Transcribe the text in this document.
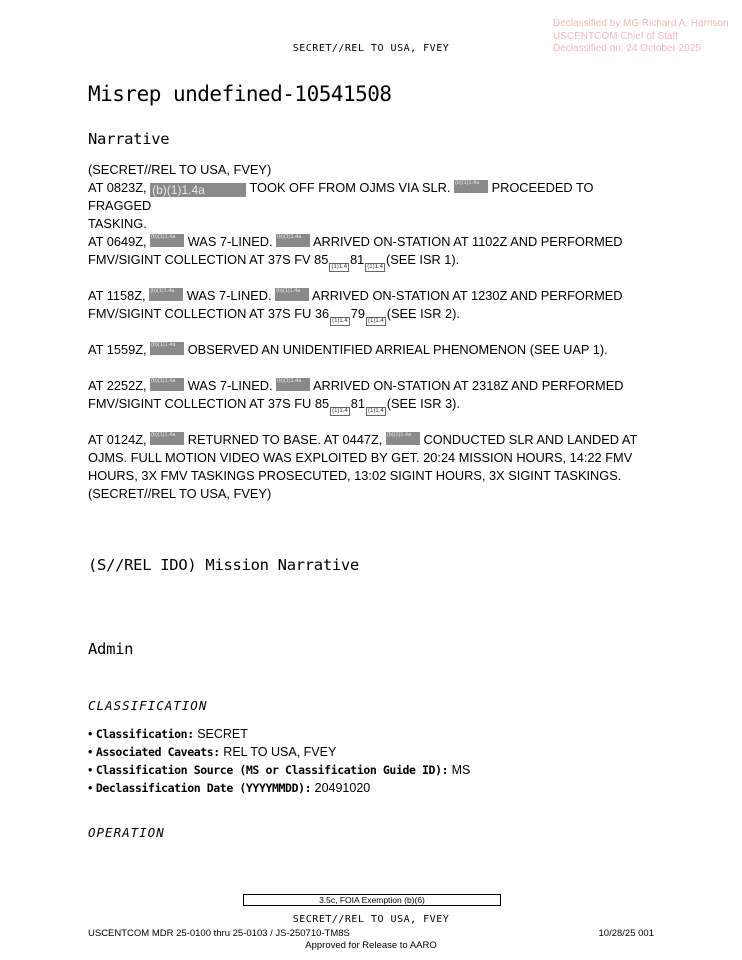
Declassified by MG Richard A. Harrison
USCENTCOM Chief of Staff
Declassified on: 24 October 2025
SECRET//REL TO USA, FVEY
Misrep undefined-10541508
Narrative
(SECRET//REL TO USA, FVEY)
AT 0823Z, (b)(1)1.4a	TOOK OFF FROM OJMS VIA SLR. (b)(1)1.4a PROCEEDED TO FRAGGED
TASKING.
AT 0649Z, (b)(1)1.4a WAS 7-LINED. (b)(1)1.4a ARRIVED ON-STATION AT 1102Z AND PERFORMED
FMV/SIGINT COLLECTION AT 37S FV 85 (1)1.4 81 (1)1.4 (SEE ISR 1).
AT 1158Z, (b)(1)1.4a WAS 7-LINED. (b)(1)1.4a ARRIVED ON-STATION AT 1230Z AND PERFORMED
FMV/SIGINT COLLECTION AT 37S FU 36 (1)1.4 79 (1)1.4 (SEE ISR 2).
AT 1559Z, (b)(1)1.4a OBSERVED AN UNIDENTIFIED ARRIEAL PHENOMENON (SEE UAP 1).
AT 2252Z, (b)(1)1.4a WAS 7-LINED. (b)(1)1.4a ARRIVED ON-STATION AT 2318Z AND PERFORMED
FMV/SIGINT COLLECTION AT 37S FU 85 (1)1.4 81 (1)1.4 (SEE ISR 3).
AT 0124Z, (b)(1)1.4a RETURNED TO BASE. AT 0447Z, (b)(1)1.4a CONDUCTED SLR AND LANDED AT
OJMS. FULL MOTION VIDEO WAS EXPLOITED BY GET. 20:24 MISSION HOURS, 14:22 FMV
HOURS, 3X FMV TASKINGS PROSECUTED, 13:02 SIGINT HOURS, 3X SIGINT TASKINGS.
(SECRET//REL TO USA, FVEY)
(S//REL IDO) Mission Narrative
Admin
CLASSIFICATION
• Classification: SECRET
• Associated Caveats: REL TO USA, FVEY
• Classification Source (MS or Classification Guide ID): MS
• Declassification Date (YYYYMMDD): 20491020
OPERATION
3.5c, FOIA Exemption (b)(6)
SECRET//REL TO USA, FVEY
USCENTCOM MDR 25-0100 thru 25-0103 / JS-250710-TM8S	10/28/25 001
Approved for Release to AARO
